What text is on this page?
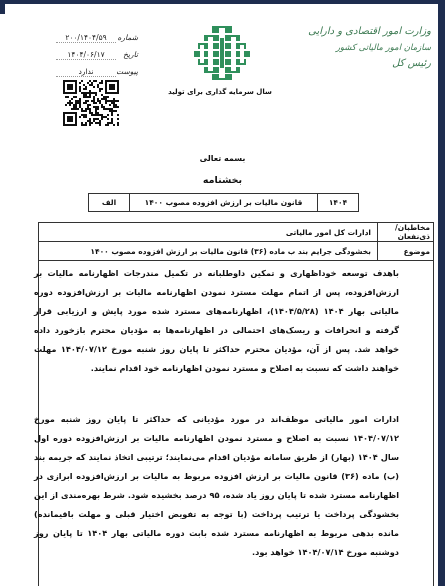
وزارت امور اقتصادی و دارایی
سازمان امور مالیاتی کشور
رئیس کل
سال سرمایه گذاری برای تولید
شماره
۲۰۰/۱۴۰۴/۵۹
تاریخ
۱۴۰۴/۰۶/۱۷
پیوست
ندارد
بسمه تعالی
بخشنامه
۱۴۰۴
قانون مالیات بر ارزش افزوده مصوب ۱۴۰۰
الف
مخاطبان/ذی‌نفعان
ادارات کل امور مالیاتی
موضوع
بخشودگی جرایم بند ب ماده (۳۶) قانون مالیات بر ارزش افزوده مصوب ۱۴۰۰
باهدف توسعه خوداظهاری و تمکین داوطلبانه در تکمیل مندرجات اظهارنامه مالیات بر ارزش‌افزوده، پس از اتمام مهلت مسترد نمودن اظهارنامه مالیات بر ارزش‌افزوده دوره مالیاتی بهار ۱۴۰۴ (۱۴۰۴/۵/۲۸)، اظهارنامه‌های مسترد شده مورد پایش و ارزیابی قرار گرفته و انحرافات و ریسک‌های احتمالی در اظهارنامه‌ها به مؤدیان محترم بازخورد داده خواهد شد. پس از آن، مؤدیان محترم حداکثر تا پایان روز شنبه مورخ ۱۴۰۴/۰۷/۱۲ مهلت خواهند داشت که نسبت به اصلاح و مسترد نمودن اظهارنامه خود اقدام نمایند.
ادارات امور مالیاتی موظف‌اند در مورد مؤدیانی که حداکثر تا پایان روز شنبه مورخ ۱۴۰۴/۰۷/۱۲ نسبت به اصلاح و مسترد نمودن اظهارنامه مالیات بر ارزش‌افزوده دوره اول سال ۱۴۰۴ (بهار) از طریق سامانه مؤدیان اقدام می‌نمایند؛ ترتیبی اتخاذ نمایند که جریمه بند (ب) ماده (۳۶) قانون مالیات بر ارزش افزوده مربوط به مالیات بر ارزش‌افزوده ابرازی در اظهارنامه مسترد شده تا پایان روز یاد شده، ۹۵ درصد بخشیده شود. شرط بهره‌مندی از این بخشودگی پرداخت یا ترتیب پرداخت (با توجه به تفویض اختیار قبلی و مهلت باقیمانده) مانده بدهی مربوط به اظهارنامه مسترد شده بابت دوره مالیاتی بهار ۱۴۰۴ تا پایان روز دوشنبه مورخ ۱۴۰۴/۰۷/۱۴ خواهد بود.
